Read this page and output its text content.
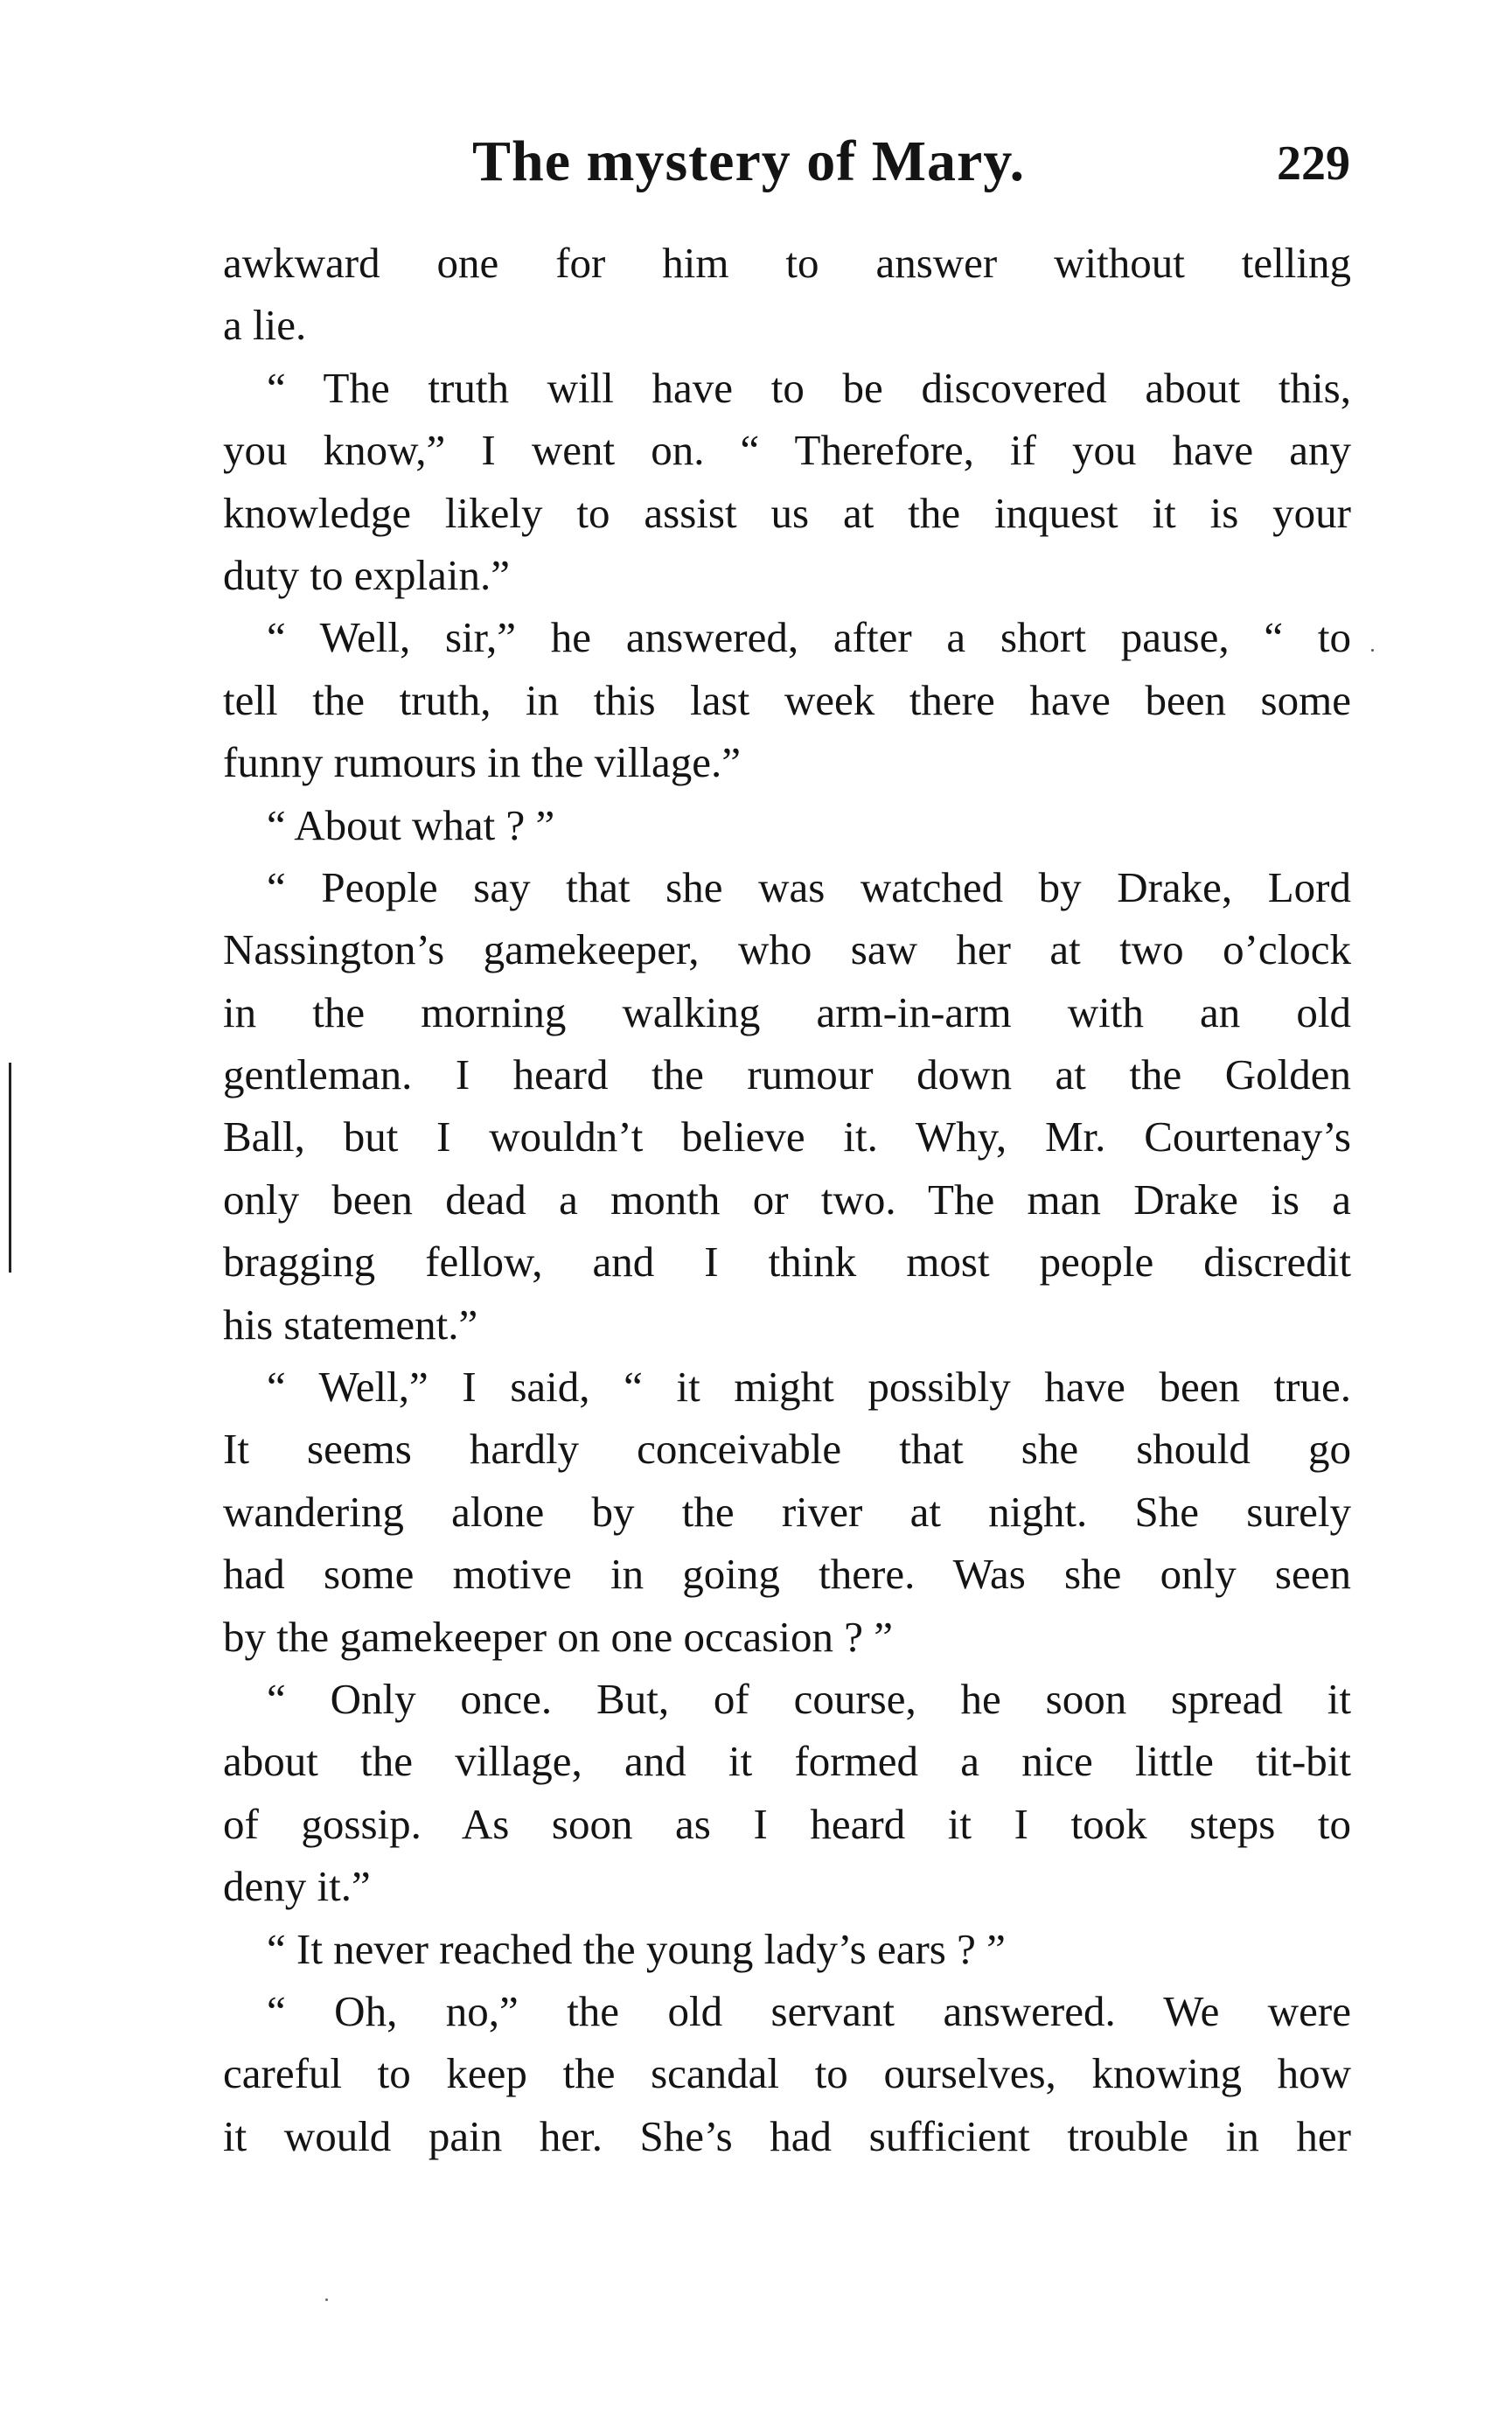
The mystery of Mary.	229
awkward one for him to answer without telling
a lie.
“ The truth will have to be discovered about this,
you know,” I went on. “ Therefore, if you have any
knowledge likely to assist us at the inquest it is your
duty to explain.”
“ Well, sir,” he answered, after a short pause, “ to
tell the truth, in this last week there have been some
funny rumours in the village.”
“ About what ? ”
“ People say that she was watched by Drake, Lord
Nassington’s gamekeeper, who saw her at two o’clock
in the morning walking arm-in-arm with an old
gentleman. I heard the rumour down at the Golden
Ball, but I wouldn’t believe it. Why, Mr. Courtenay’s
only been dead a month or two. The man Drake is a
bragging fellow, and I think most people discredit
his statement.”
“ Well,” I said, “ it might possibly have been true.
It seems hardly conceivable that she should go
wandering alone by the river at night. She surely
had some motive in going there. Was she only seen
by the gamekeeper on one occasion ? ”
“ Only once. But, of course, he soon spread it
about the village, and it formed a nice little tit-bit
of gossip. As soon as I heard it I took steps to
deny it.”
“ It never reached the young lady’s ears ? ”
“ Oh, no,” the old servant answered. We were
careful to keep the scandal to ourselves, knowing how
it would pain her. She’s had sufficient trouble in her
